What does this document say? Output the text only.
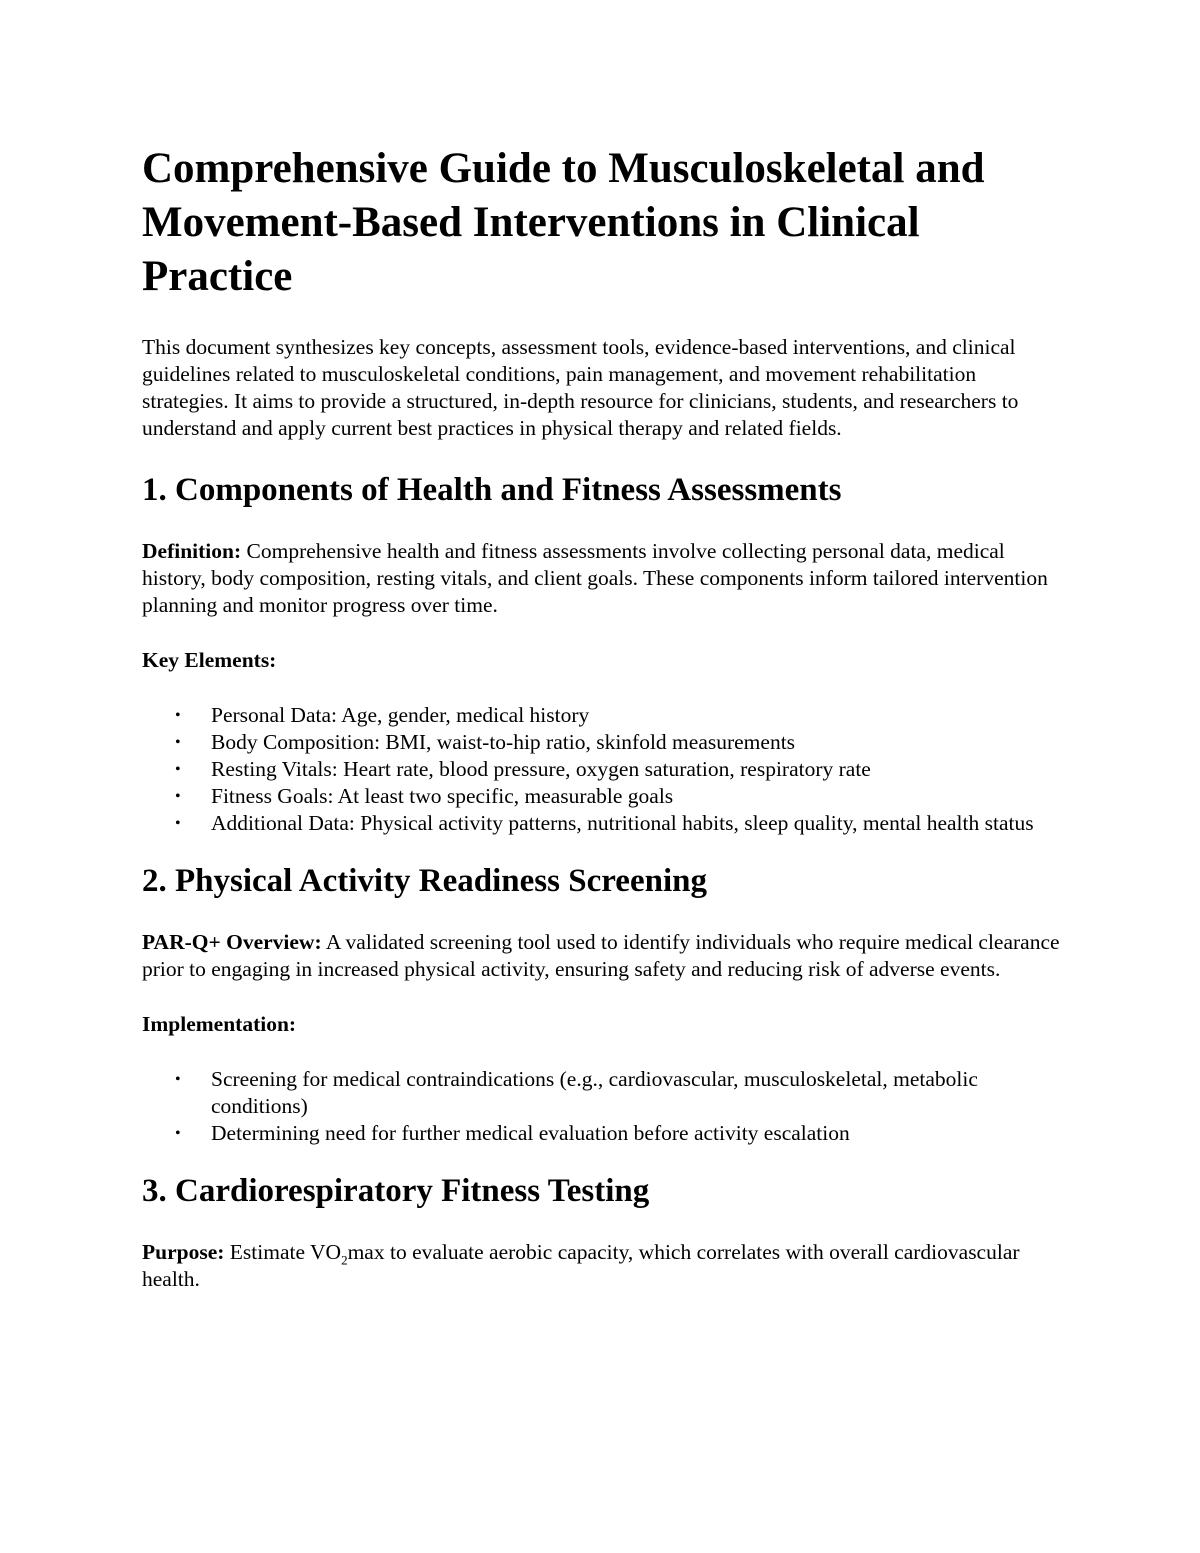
Comprehensive Guide to Musculoskeletal and Movement-Based Interventions in Clinical Practice

This document synthesizes key concepts, assessment tools, evidence-based interventions, and clinical guidelines related to musculoskeletal conditions, pain management, and movement rehabilitation strategies. It aims to provide a structured, in-depth resource for clinicians, students, and researchers to understand and apply current best practices in physical therapy and related fields.

1. Components of Health and Fitness Assessments

Definition: Comprehensive health and fitness assessments involve collecting personal data, medical history, body composition, resting vitals, and client goals. These components inform tailored intervention planning and monitor progress over time.

Key Elements:

• Personal Data: Age, gender, medical history
• Body Composition: BMI, waist-to-hip ratio, skinfold measurements
• Resting Vitals: Heart rate, blood pressure, oxygen saturation, respiratory rate
• Fitness Goals: At least two specific, measurable goals
• Additional Data: Physical activity patterns, nutritional habits, sleep quality, mental health status
2. Physical Activity Readiness Screening

PAR-Q+ Overview: A validated screening tool used to identify individuals who require medical clearance prior to engaging in increased physical activity, ensuring safety and reducing risk of adverse events.

Implementation:

• Screening for medical contraindications (e.g., cardiovascular, musculoskeletal, metabolic conditions)
• Determining need for further medical evaluation before activity escalation
3. Cardiorespiratory Fitness Testing

Purpose: Estimate $VO_2\max$ to evaluate aerobic capacity, which correlates with overall cardiovascular health.
